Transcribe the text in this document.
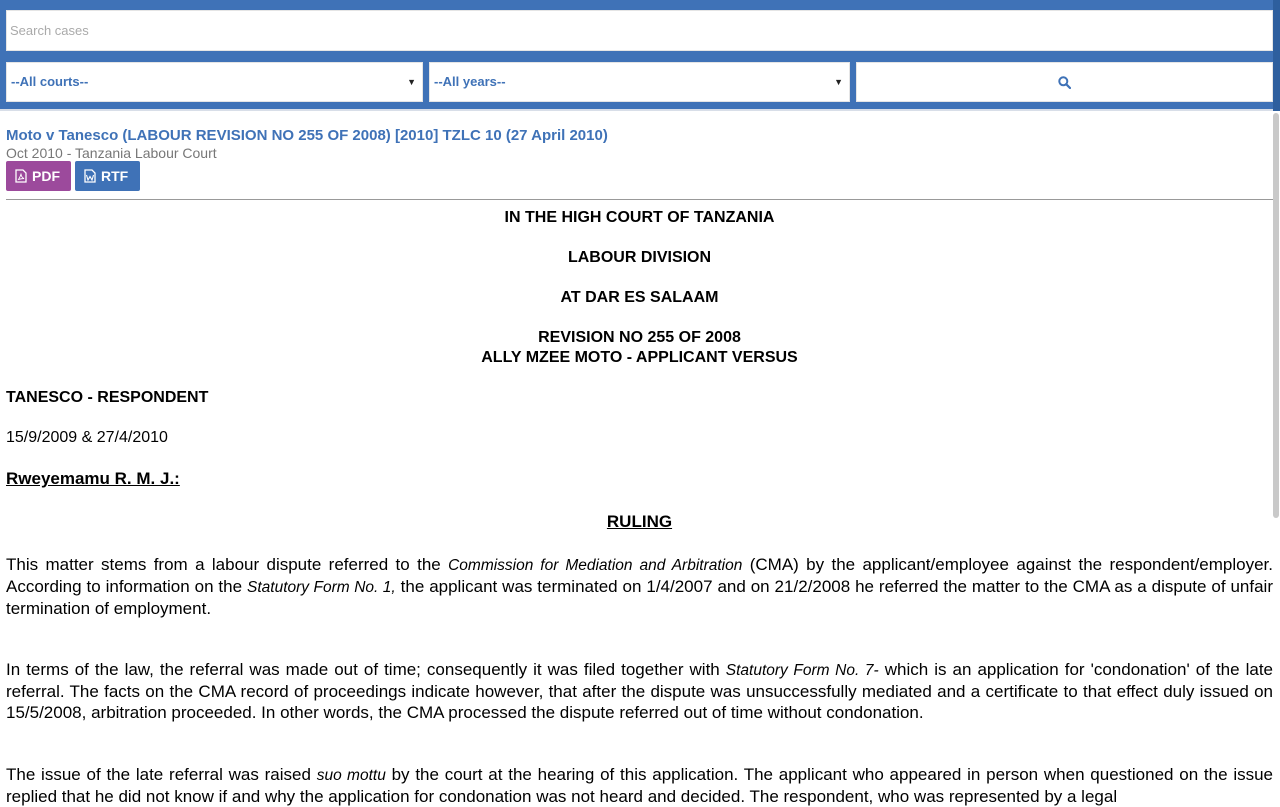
Search cases
--All courts--	▼	--All years--	▼
Moto v Tanesco (LABOUR REVISION NO 255 OF 2008) [2010] TZLC 10 (27 April 2010)
Oct 2010 - Tanzania Labour Court
PDF	RTF
IN THE HIGH COURT OF TANZANIA
LABOUR DIVISION
AT DAR ES SALAAM
REVISION NO 255 OF 2008
ALLY MZEE MOTO - APPLICANT VERSUS
TANESCO - RESPONDENT
15/9/2009 & 27/4/2010
Rweyemamu R. M. J.:
RULING
This matter stems from a labour dispute referred to the Commission for Mediation and Arbitration (CMA) by the applicant/employee against the respondent/employer. According to information on the Statutory Form No. 1, the applicant was terminated on 1/4/2007 and on 21/2/2008 he referred the matter to the CMA as a dispute of unfair termination of employment.
In terms of the law, the referral was made out of time; consequently it was filed together with Statutory Form No. 7- which is an application for 'condonation' of the late referral. The facts on the CMA record of proceedings indicate however, that after the dispute was unsuccessfully mediated and a certificate to that effect duly issued on 15/5/2008, arbitration proceeded. In other words, the CMA processed the dispute referred out of time without condonation.
The issue of the late referral was raised suo mottu by the court at the hearing of this application. The applicant who appeared in person when questioned on the issue replied that he did not know if and why the application for condonation was not heard and decided. The respondent, who was represented by a legal
